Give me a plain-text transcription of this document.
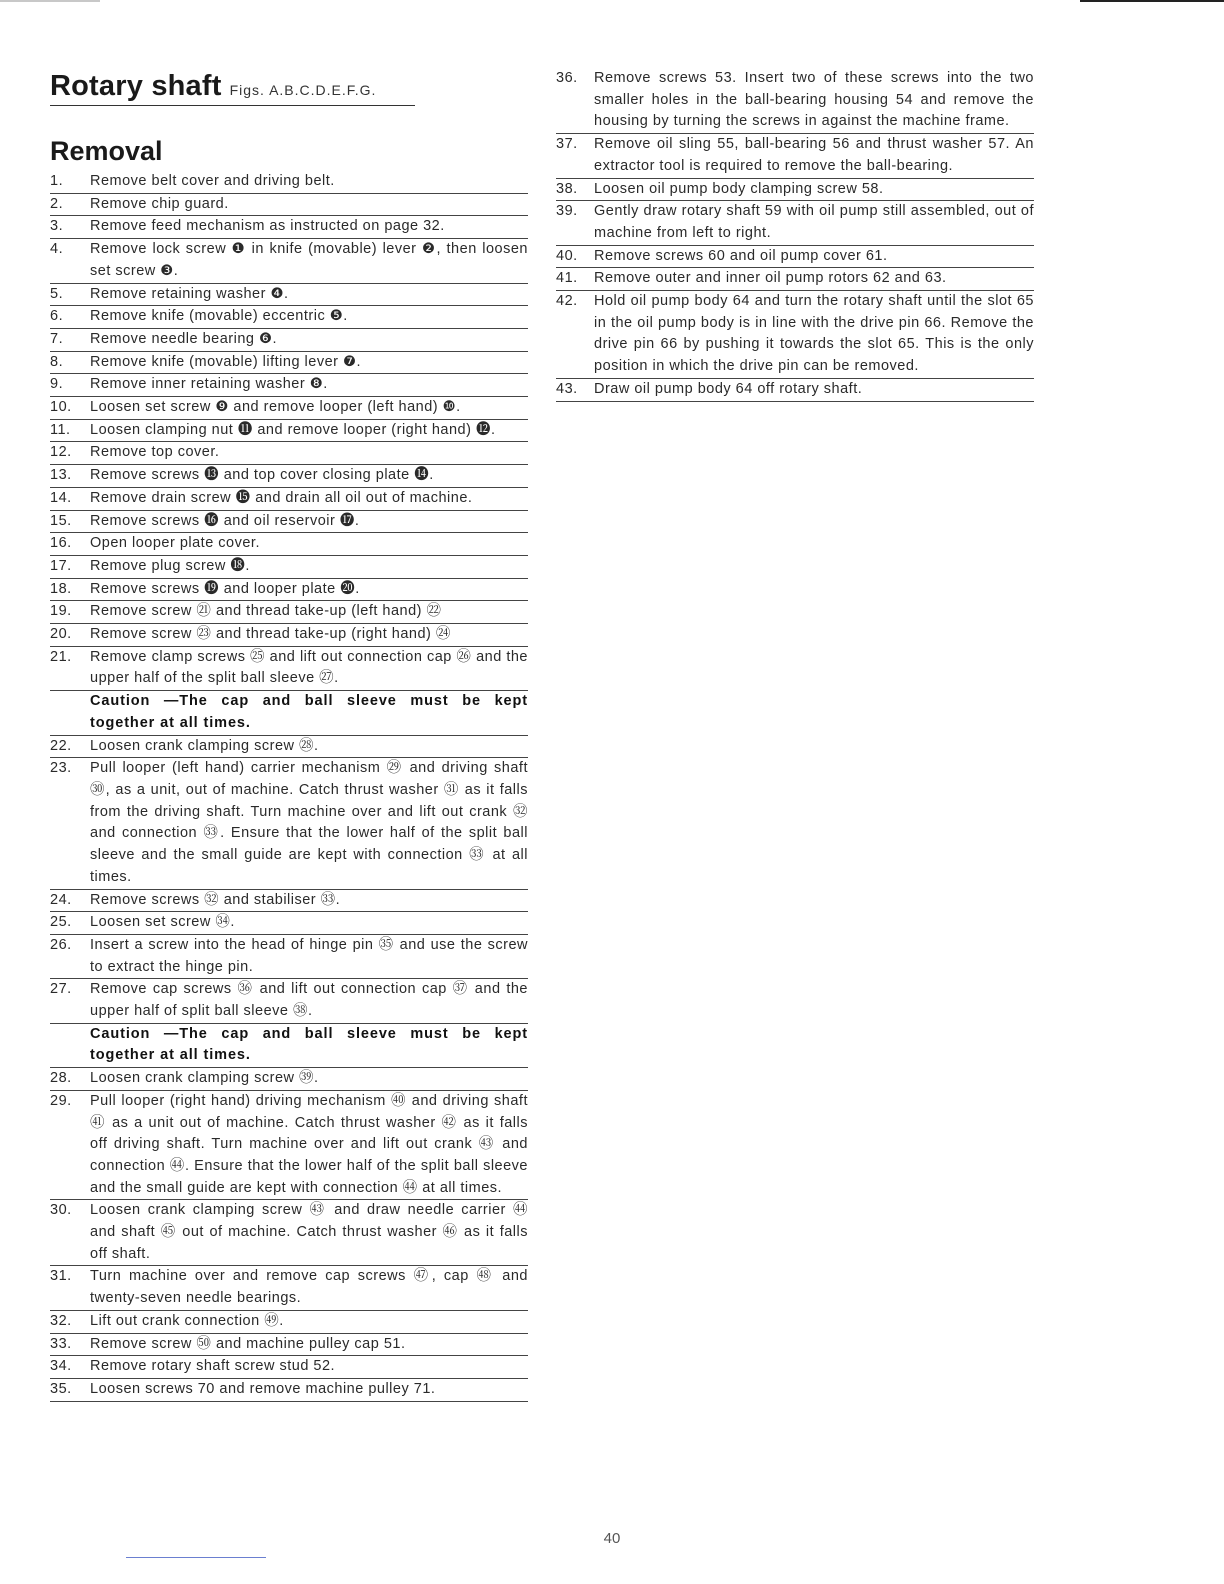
Rotary shaft Figs. A.B.C.D.E.F.G.
Removal
1.	Remove belt cover and driving belt.
2.	Remove chip guard.
3.	Remove feed mechanism as instructed on page 32.
4.	Remove lock screw ❶ in knife (movable) lever ❷, then loosen set screw ❸.
5.	Remove retaining washer ❹.
6.	Remove knife (movable) eccentric ❺.
7.	Remove needle bearing ❻.
8.	Remove knife (movable) lifting lever ❼.
9.	Remove inner retaining washer ❽.
10.	Loosen set screw ❾ and remove looper (left hand) ❿.
11.	Loosen clamping nut ⓫ and remove looper (right hand) ⓬.
12.	Remove top cover.
13.	Remove screws ⓭ and top cover closing plate ⓮.
14.	Remove drain screw ⓯ and drain all oil out of machine.
15.	Remove screws ⓰ and oil reservoir ⓱.
16.	Open looper plate cover.
17.	Remove plug screw ⓲.
18.	Remove screws ⓳ and looper plate ⓴.
19.	Remove screw ㉑ and thread take-up (left hand) ㉒
20.	Remove screw ㉓ and thread take-up (right hand) ㉔
21.	Remove clamp screws ㉕ and lift out connection cap ㉖ and the upper half of the split ball sleeve ㉗.
Caution —The cap and ball sleeve must be kept together at all times.
22.	Loosen crank clamping screw ㉘.
23.	Pull looper (left hand) carrier mechanism ㉙ and driving shaft ㉚, as a unit, out of machine. Catch thrust washer ㉛ as it falls from the driving shaft. Turn machine over and lift out crank ㉜ and connection ㉝. Ensure that the lower half of the split ball sleeve and the small guide are kept with connection ㉝ at all times.
24.	Remove screws ㉜ and stabiliser ㉝.
25.	Loosen set screw ㉞.
26.	Insert a screw into the head of hinge pin ㉟ and use the screw to extract the hinge pin.
27.	Remove cap screws ㊱ and lift out connection cap ㊲ and the upper half of split ball sleeve ㊳.
Caution —The cap and ball sleeve must be kept together at all times.
28.	Loosen crank clamping screw ㊴.
29.	Pull looper (right hand) driving mechanism ㊵ and driving shaft ㊶ as a unit out of machine. Catch thrust washer ㊷ as it falls off driving shaft. Turn machine over and lift out crank ㊸ and connection ㊹. Ensure that the lower half of the split ball sleeve and the small guide are kept with connection ㊹ at all times.
30.	Loosen crank clamping screw ㊸ and draw needle carrier ㊹ and shaft ㊺ out of machine. Catch thrust washer ㊻ as it falls off shaft.
31.	Turn machine over and remove cap screws ㊼, cap ㊽ and twenty-seven needle bearings.
32.	Lift out crank connection ㊾.
33.	Remove screw ㊿ and machine pulley cap 51.
34.	Remove rotary shaft screw stud 52.
35.	Loosen screws 70 and remove machine pulley 71.
36.	Remove screws 53. Insert two of these screws into the two smaller holes in the ball-bearing housing 54 and remove the housing by turning the screws in against the machine frame.
37.	Remove oil sling 55, ball-bearing 56 and thrust washer 57. An extractor tool is required to remove the ball-bearing.
38.	Loosen oil pump body clamping screw 58.
39.	Gently draw rotary shaft 59 with oil pump still assembled, out of machine from left to right.
40.	Remove screws 60 and oil pump cover 61.
41.	Remove outer and inner oil pump rotors 62 and 63.
42.	Hold oil pump body 64 and turn the rotary shaft until the slot 65 in the oil pump body is in line with the drive pin 66. Remove the drive pin 66 by pushing it towards the slot 65. This is the only position in which the drive pin can be removed.
43.	Draw oil pump body 64 off rotary shaft.
40
